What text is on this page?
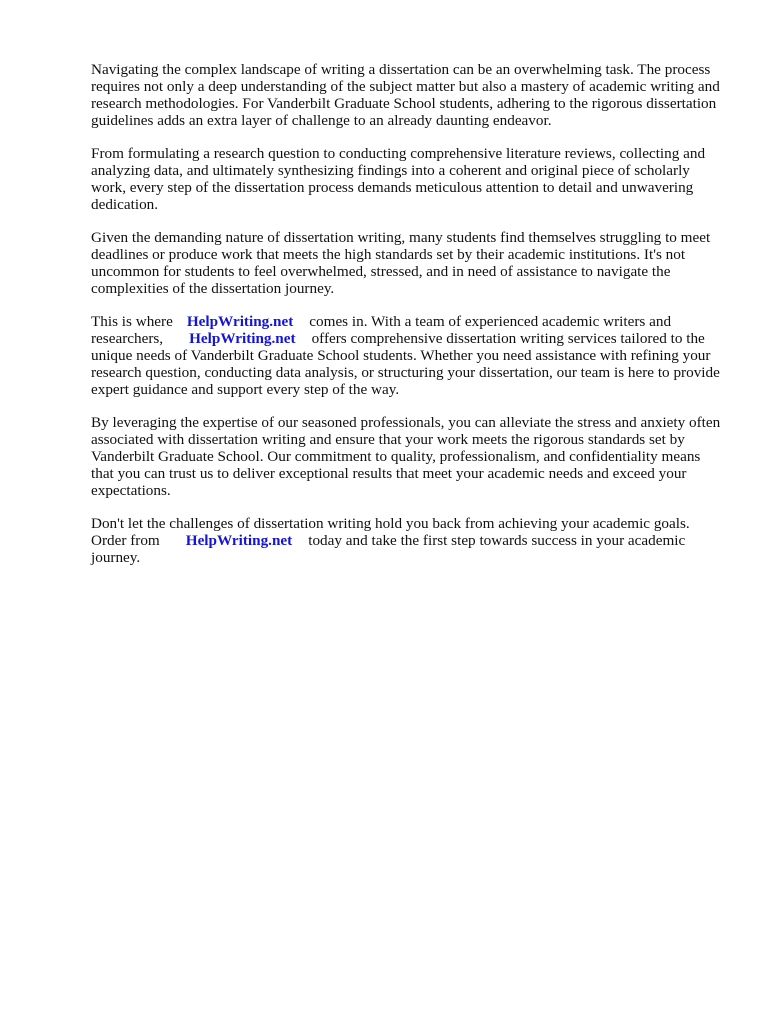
Navigating the complex landscape of writing a dissertation can be an overwhelming task. The process requires not only a deep understanding of the subject matter but also a mastery of academic writing and research methodologies. For Vanderbilt Graduate School students, adhering to the rigorous dissertation guidelines adds an extra layer of challenge to an already daunting endeavor.

From formulating a research question to conducting comprehensive literature reviews, collecting and analyzing data, and ultimately synthesizing findings into a coherent and original piece of scholarly work, every step of the dissertation process demands meticulous attention to detail and unwavering dedication.

Given the demanding nature of dissertation writing, many students find themselves struggling to meet deadlines or produce work that meets the high standards set by their academic institutions. It's not uncommon for students to feel overwhelmed, stressed, and in need of assistance to navigate the complexities of the dissertation journey.

This is where HelpWriting.net comes in. With a team of experienced academic writers and researchers, HelpWriting.net offers comprehensive dissertation writing services tailored to the unique needs of Vanderbilt Graduate School students. Whether you need assistance with refining your research question, conducting data analysis, or structuring your dissertation, our team is here to provide expert guidance and support every step of the way.

By leveraging the expertise of our seasoned professionals, you can alleviate the stress and anxiety often associated with dissertation writing and ensure that your work meets the rigorous standards set by Vanderbilt Graduate School. Our commitment to quality, professionalism, and confidentiality means that you can trust us to deliver exceptional results that meet your academic needs and exceed your expectations.

Don't let the challenges of dissertation writing hold you back from achieving your academic goals. Order from HelpWriting.net today and take the first step towards success in your academic journey.
